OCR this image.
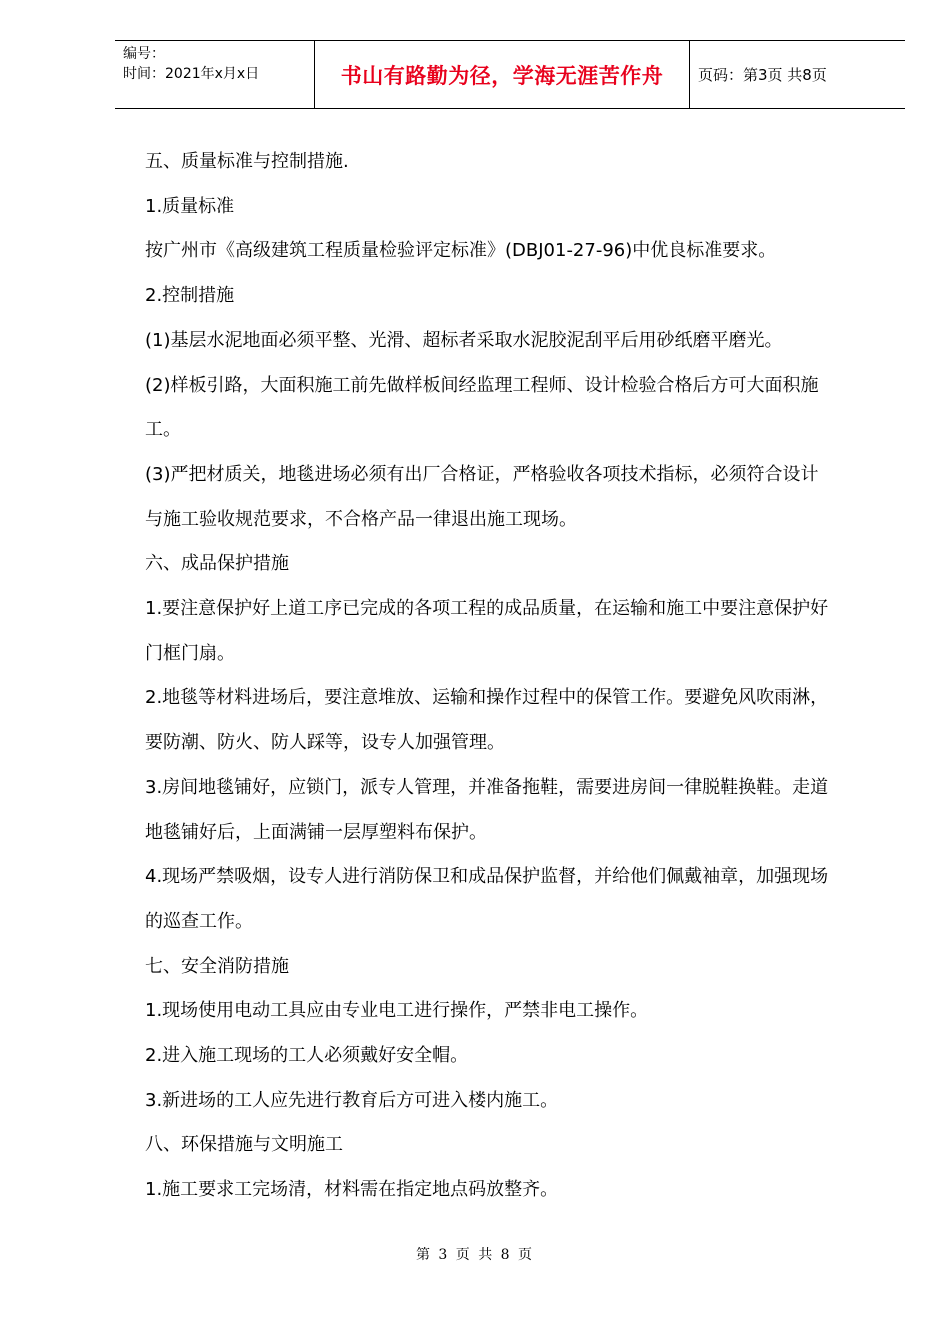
编号：
时间：2021年x月x日	书山有路勤为径，学海无涯苦作舟	页码：第3页 共8页

五、质量标准与控制措施.

1.质量标准

按广州市《高级建筑工程质量检验评定标准》(DBJ01-27-96)中优良标准要求。

2.控制措施

(1)基层水泥地面必须平整、光滑、超标者采取水泥胶泥刮平后用砂纸磨平磨光。

(2)样板引路，大面积施工前先做样板间经监理工程师、设计检验合格后方可大面积施

工。

(3)严把材质关，地毯进场必须有出厂合格证，严格验收各项技术指标，必须符合设计

与施工验收规范要求，不合格产品一律退出施工现场。

六、成品保护措施

1.要注意保护好上道工序已完成的各项工程的成品质量，在运输和施工中要注意保护好

门框门扇。

2.地毯等材料进场后，要注意堆放、运输和操作过程中的保管工作。要避免风吹雨淋，

要防潮、防火、防人踩等，设专人加强管理。

3.房间地毯铺好，应锁门，派专人管理，并准备拖鞋，需要进房间一律脱鞋换鞋。走道

地毯铺好后，上面满铺一层厚塑料布保护。

4.现场严禁吸烟，设专人进行消防保卫和成品保护监督，并给他们佩戴袖章，加强现场

的巡查工作。

七、安全消防措施

1.现场使用电动工具应由专业电工进行操作，严禁非电工操作。

2.进入施工现场的工人必须戴好安全帽。

3.新进场的工人应先进行教育后方可进入楼内施工。

八、环保措施与文明施工

1.施工要求工完场清，材料需在指定地点码放整齐。

第 3 页 共 8 页
